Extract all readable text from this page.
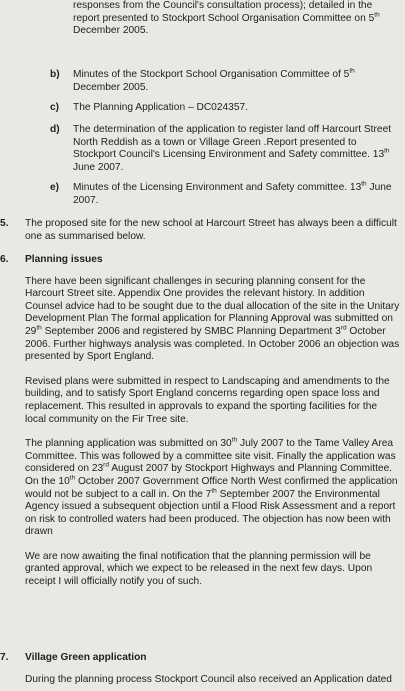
responses from the Council's consultation process); detailed in the

report presented to Stockport School Organisation Committee on 5th

December 2005.

b) Minutes of the Stockport School Organisation Committee of 5th December 2005.

c) The Planning Application – DC024357.

d) The determination of the application to register land off Harcourt Street North Reddish as a town or Village Green .Report presented to Stockport Council's Licensing Environment and Safety committee. 13th June 2007.

e) Minutes of the Licensing Environment and Safety committee. 13th June 2007.

5. The proposed site for the new school at Harcourt Street has always been a difficult one as summarised below.

6. Planning issues

There have been significant challenges in securing planning consent for the Harcourt Street site. Appendix One provides the relevant history. In addition Counsel advice had to be sought due to the dual allocation of the site in the Unitary Development Plan The formal application for Planning Approval was submitted on 29th September 2006 and registered by SMBC Planning Department 3rd October 2006. Further highways analysis was completed. In October 2006 an objection was presented by Sport England.

Revised plans were submitted in respect to Landscaping and amendments to the building, and to satisfy Sport England concerns regarding open space loss and replacement. This resulted in approvals to expand the sporting facilities for the local community on the Fir Tree site.

The planning application was submitted on 30th July 2007 to the Tame Valley Area Committee. This was followed by a committee site visit. Finally the application was considered on 23rd August 2007 by Stockport Highways and Planning Committee. On the 10th October 2007 Government Office North West confirmed the application would not be subject to a call in. On the 7th September 2007 the Environmental Agency issued a subsequent objection until a Flood Risk Assessment and a report on risk to controlled waters had been produced. The objection has now been with drawn

We are now awaiting the final notification that the planning permission will be granted approval, which we expect to be released in the next few days. Upon receipt I will officially notify you of such.

7. Village Green application

During the planning process Stockport Council also received an Application dated
